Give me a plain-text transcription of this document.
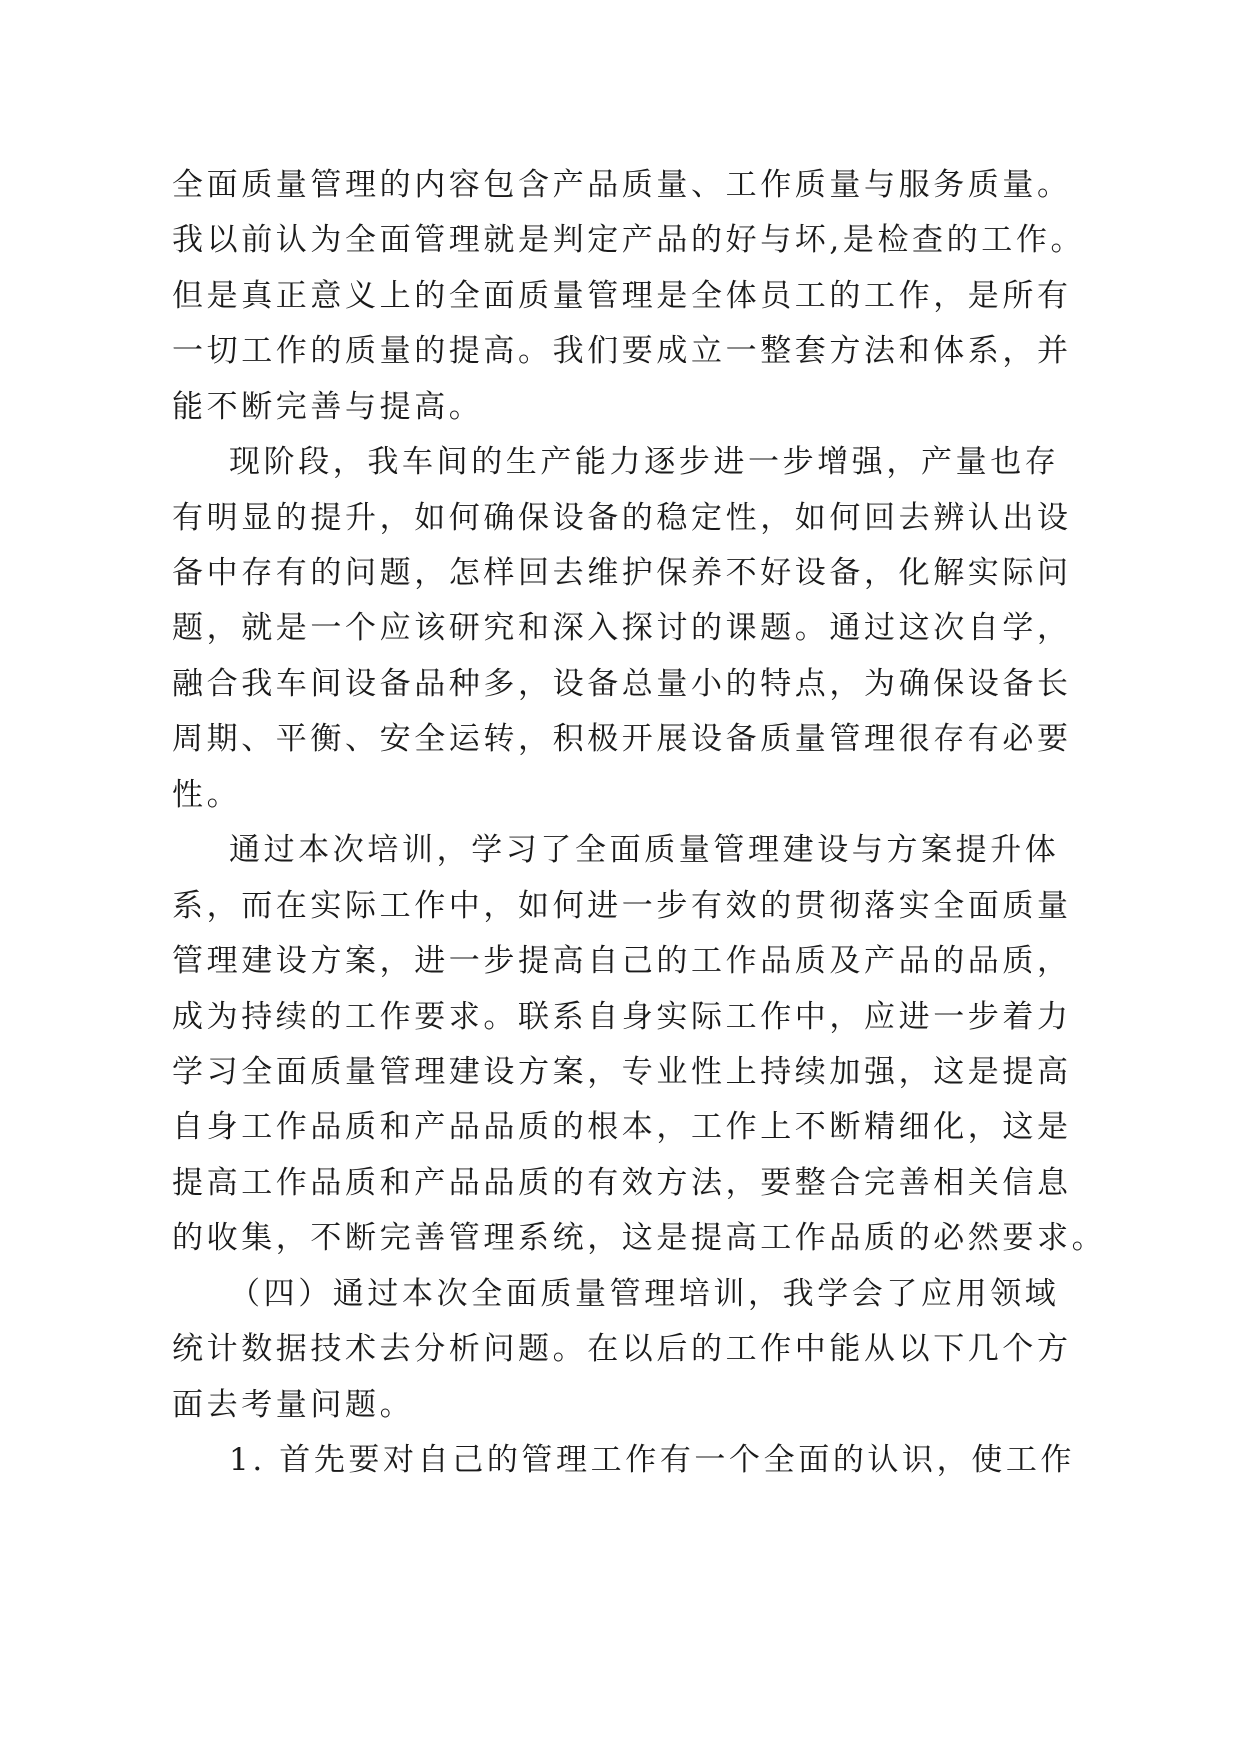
全面质量管理的内容包含产品质量、工作质量与服务质量。
我以前认为全面管理就是判定产品的好与坏,是检查的工作。
但是真正意义上的全面质量管理是全体员工的工作，是所有
一切工作的质量的提高。我们要成立一整套方法和体系，并
能不断完善与提高。
现阶段，我车间的生产能力逐步进一步增强，产量也存
有明显的提升，如何确保设备的稳定性，如何回去辨认出设
备中存有的问题，怎样回去维护保养不好设备，化解实际问
题，就是一个应该研究和深入探讨的课题。通过这次自学，
融合我车间设备品种多，设备总量小的特点，为确保设备长
周期、平衡、安全运转，积极开展设备质量管理很存有必要
性。
通过本次培训，学习了全面质量管理建设与方案提升体
系，而在实际工作中，如何进一步有效的贯彻落实全面质量
管理建设方案，进一步提高自己的工作品质及产品的品质，
成为持续的工作要求。联系自身实际工作中，应进一步着力
学习全面质量管理建设方案，专业性上持续加强，这是提高
自身工作品质和产品品质的根本，工作上不断精细化，这是
提高工作品质和产品品质的有效方法，要整合完善相关信息
的收集，不断完善管理系统，这是提高工作品质的必然要求。
（四）通过本次全面质量管理培训，我学会了应用领域
统计数据技术去分析问题。在以后的工作中能从以下几个方
面去考量问题。
1. 首先要对自己的管理工作有一个全面的认识，使工作
